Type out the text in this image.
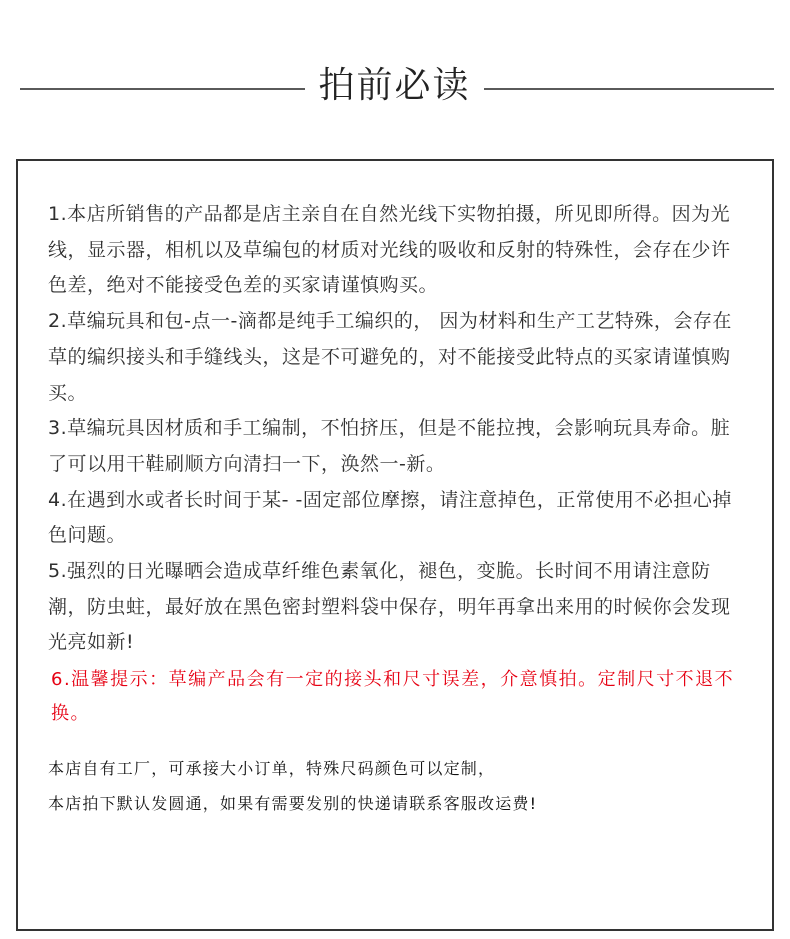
拍前必读

1.本店所销售的产品都是店主亲自在自然光线下实物拍摄，所见即所得。因为光线，显示器，相机以及草编包的材质对光线的吸收和反射的特殊性，会存在少许色差，绝对不能接受色差的买家请谨慎购买。

2.草编玩具和包-点一-滴都是纯手工编织的， 因为材料和生产工艺特殊，会存在草的编织接头和手缝线头，这是不可避免的，对不能接受此特点的买家请谨慎购买。

3.草编玩具因材质和手工编制，不怕挤压，但是不能拉拽，会影响玩具寿命。脏了可以用干鞋刷顺方向清扫一下，涣然一-新。

4.在遇到水或者长时间于某- -固定部位摩擦，请注意掉色，正常使用不必担心掉色问题。

5.强烈的日光曝晒会造成草纤维色素氧化，褪色，变脆。长时间不用请注意防潮，防虫蛀，最好放在黑色密封塑料袋中保存，明年再拿出来用的时候你会发现光亮如新!

6.温馨提示：草编产品会有一定的接头和尺寸误差，介意慎拍。定制尺寸不退不换。

本店自有工厂，可承接大小订单，特殊尺码颜色可以定制，

本店拍下默认发圆通，如果有需要发别的快递请联系客服改运费!
